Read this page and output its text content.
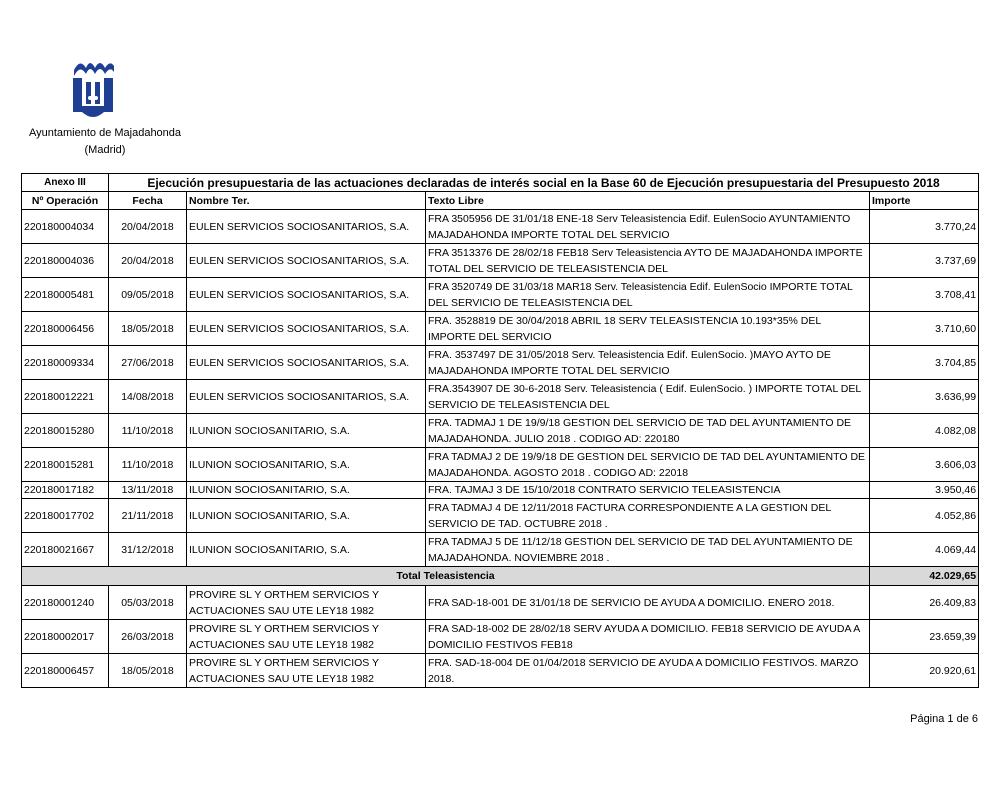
Ayuntamiento de Majadahonda
(Madrid)
Anexo III	Ejecución presupuestaria de las actuaciones declaradas de interés social en la Base 60 de Ejecución presupuestaria del Presupuesto 2018			
Nº Operación	Fecha	Nombre Ter.	Texto Libre	Importe
220180004034	20/04/2018	EULEN SERVICIOS SOCIOSANITARIOS, S.A.	FRA 3505956 DE 31/01/18 ENE-18 Serv Teleasistencia Edif. EulenSocio AYUNTAMIENTO MAJADAHONDA IMPORTE TOTAL DEL SERVICIO	3.770,24
220180004036	20/04/2018	EULEN SERVICIOS SOCIOSANITARIOS, S.A.	FRA 3513376 DE 28/02/18 FEB18 Serv Teleasistencia AYTO DE MAJADAHONDA IMPORTE TOTAL DEL SERVICIO DE TELEASISTENCIA DEL	3.737,69
220180005481	09/05/2018	EULEN SERVICIOS SOCIOSANITARIOS, S.A.	FRA 3520749 DE 31/03/18 MAR18 Serv. Teleasistencia Edif. EulenSocio IMPORTE TOTAL DEL SERVICIO DE TELEASISTENCIA DEL	3.708,41
220180006456	18/05/2018	EULEN SERVICIOS SOCIOSANITARIOS, S.A.	FRA. 3528819 DE 30/04/2018 ABRIL 18 SERV TELEASISTENCIA 10.193*35% DEL IMPORTE DEL SERVICIO	3.710,60
220180009334	27/06/2018	EULEN SERVICIOS SOCIOSANITARIOS, S.A.	FRA. 3537497 DE 31/05/2018 Serv. Teleasistencia Edif. EulenSocio. )MAYO AYTO DE MAJADAHONDA IMPORTE TOTAL DEL SERVICIO	3.704,85
220180012221	14/08/2018	EULEN SERVICIOS SOCIOSANITARIOS, S.A.	FRA.3543907 DE 30-6-2018 Serv. Teleasistencia ( Edif. EulenSocio. ) IMPORTE TOTAL DEL SERVICIO DE TELEASISTENCIA DEL	3.636,99
220180015280	11/10/2018	ILUNION SOCIOSANITARIO, S.A.	FRA. TADMAJ 1 DE 19/9/18 GESTION DEL SERVICIO DE TAD DEL AYUNTAMIENTO DE MAJADAHONDA. JULIO 2018 . CODIGO AD: 220180	4.082,08
220180015281	11/10/2018	ILUNION SOCIOSANITARIO, S.A.	FRA TADMAJ 2 DE 19/9/18 DE GESTION DEL SERVICIO DE TAD DEL AYUNTAMIENTO DE MAJADAHONDA. AGOSTO 2018 . CODIGO AD: 22018	3.606,03
220180017182	13/11/2018	ILUNION SOCIOSANITARIO, S.A.	FRA. TAJMAJ 3 DE 15/10/2018 CONTRATO SERVICIO TELEASISTENCIA	3.950,46
220180017702	21/11/2018	ILUNION SOCIOSANITARIO, S.A.	FRA TADMAJ 4 DE 12/11/2018 FACTURA CORRESPONDIENTE A LA GESTION DEL SERVICIO DE TAD. OCTUBRE 2018 .	4.052,86
220180021667	31/12/2018	ILUNION SOCIOSANITARIO, S.A.	FRA TADMAJ 5 DE 11/12/18 GESTION DEL SERVICIO DE TAD DEL AYUNTAMIENTO DE MAJADAHONDA. NOVIEMBRE 2018 .	4.069,44
Total Teleasistencia				42.029,65
220180001240	05/03/2018	PROVIRE SL Y ORTHEM SERVICIOS Y ACTUACIONES SAU UTE LEY18 1982	FRA SAD-18-001 DE 31/01/18 DE SERVICIO DE AYUDA A DOMICILIO. ENERO 2018.	26.409,83
220180002017	26/03/2018	PROVIRE SL Y ORTHEM SERVICIOS Y ACTUACIONES SAU UTE LEY18 1982	FRA SAD-18-002 DE 28/02/18 SERV AYUDA A DOMICILIO. FEB18 SERVICIO DE AYUDA A DOMICILIO FESTIVOS FEB18	23.659,39
220180006457	18/05/2018	PROVIRE SL Y ORTHEM SERVICIOS Y ACTUACIONES SAU UTE LEY18 1982	FRA. SAD-18-004 DE 01/04/2018 SERVICIO DE AYUDA A DOMICILIO FESTIVOS. MARZO 2018.	20.920,61
Página 1 de 6
